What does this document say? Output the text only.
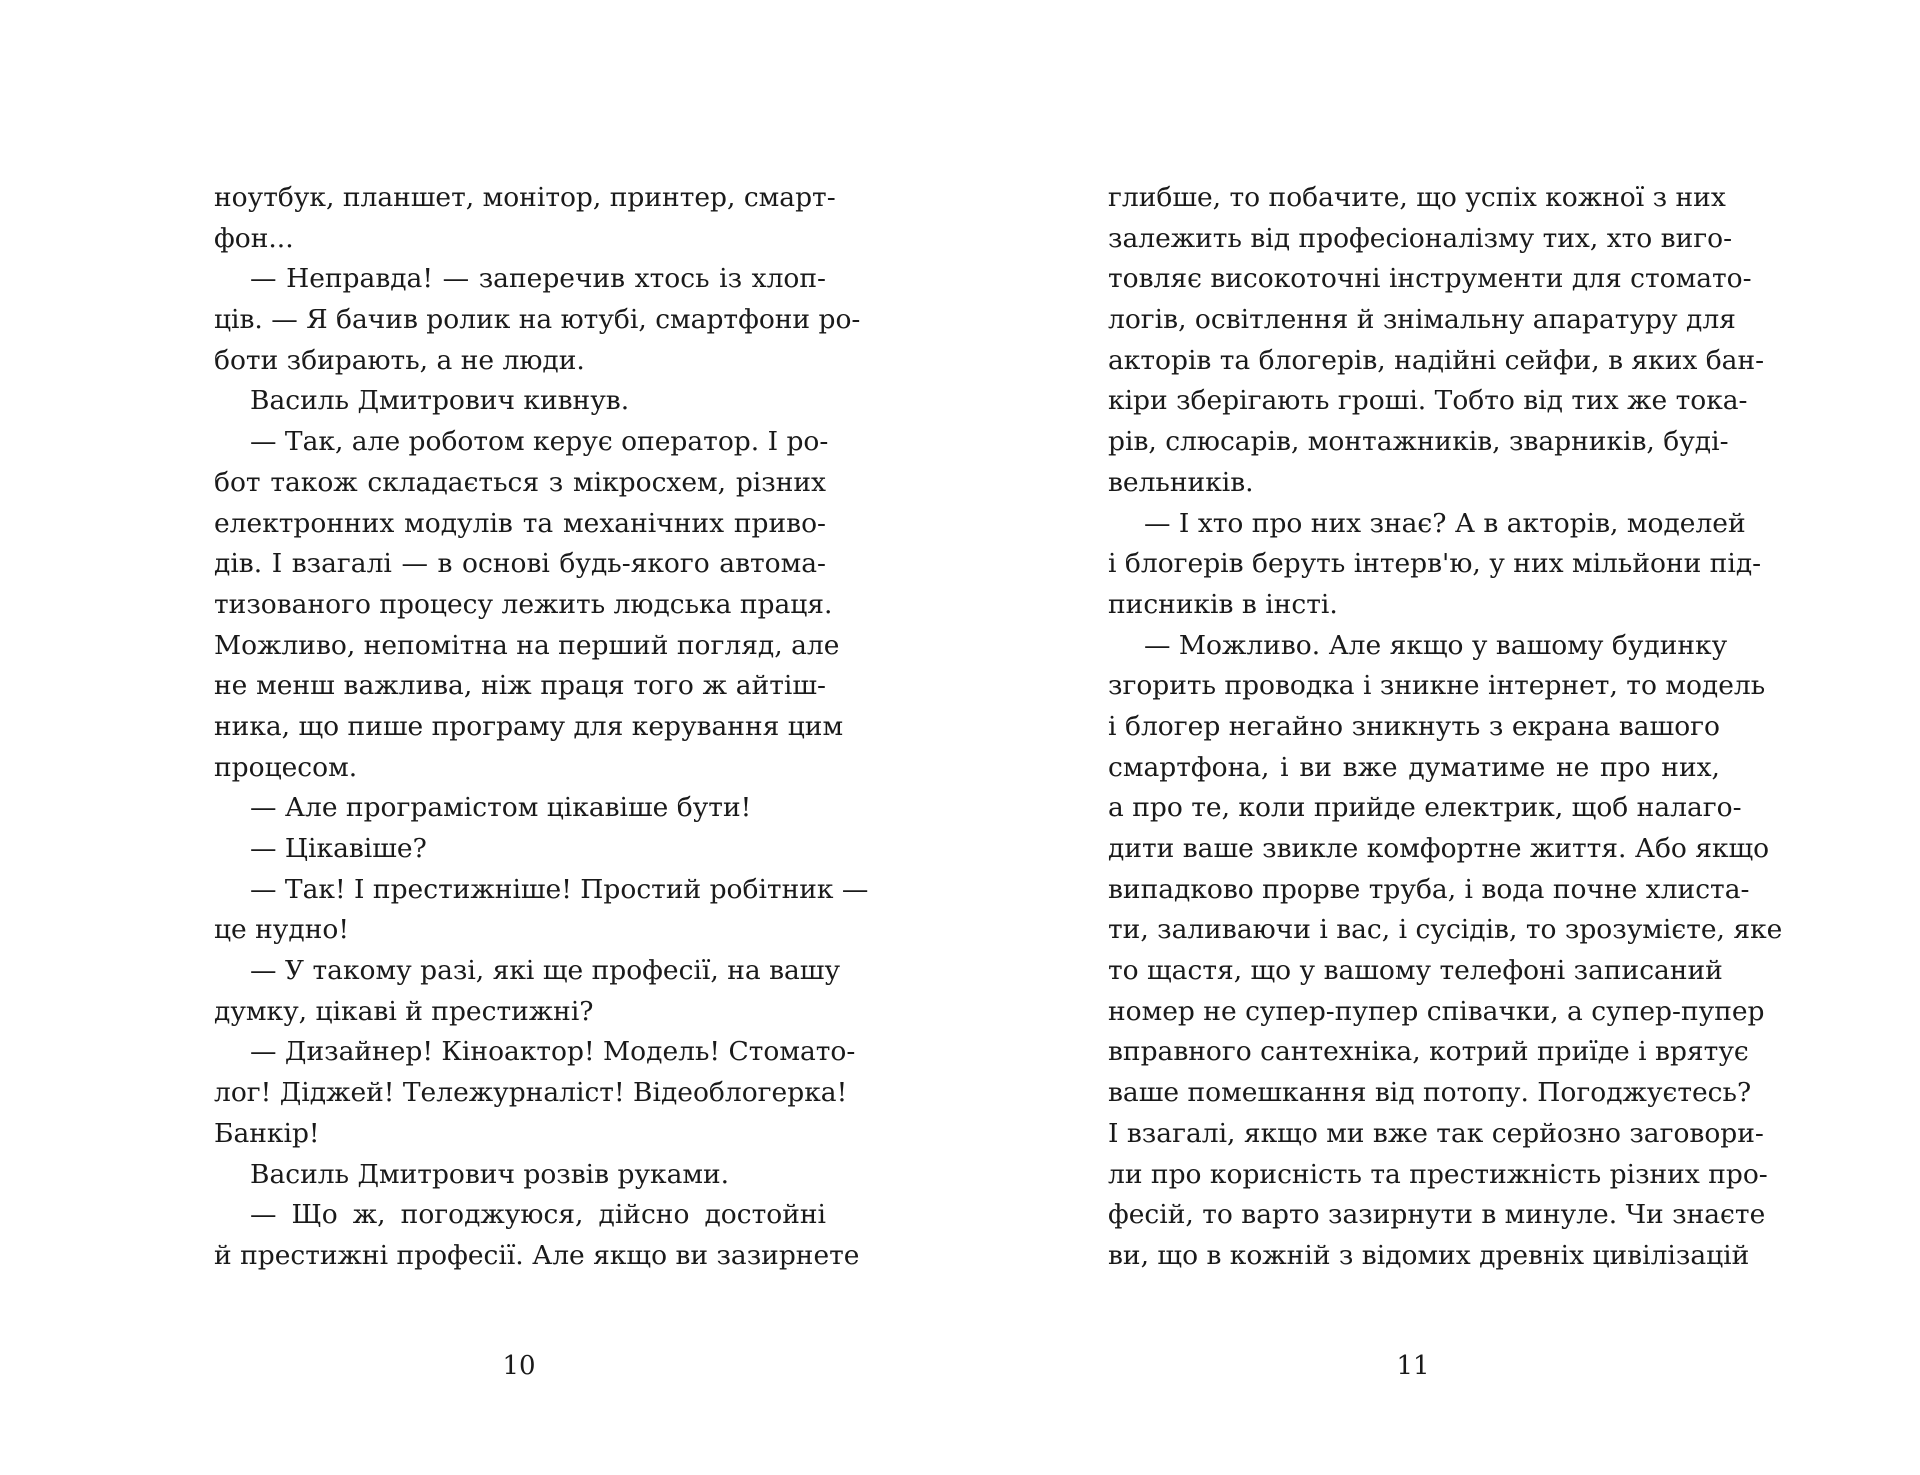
ноутбук, планшет, монітор, принтер, смарт-
фон...
— Неправда! — заперечив хтось із хлоп-
ців. — Я бачив ролик на ютубі, смартфони ро-
боти збирають, а не люди.
Василь Дмитрович кивнув.
— Так, але роботом керує оператор. І ро-
бот також складається з мікросхем, різних
електронних модулів та механічних приво-
дів. І взагалі — в основі будь-якого автома-
тизованого процесу лежить людська праця.
Можливо, непомітна на перший погляд, але
не менш важлива, ніж праця того ж айтіш-
ника, що пише програму для керування цим
процесом.
— Але програмістом цікавіше бути!
— Цікавіше?
— Так! І престижніше! Простий робітник —
це нудно!
— У такому разі, які ще професії, на вашу
думку, цікаві й престижні?
— Дизайнер! Кіноактор! Модель! Стомато-
лог! Діджей! Тележурналіст! Відеоблогерка!
Банкір!
Василь Дмитрович розвів руками.
— Що ж, погоджуюся, дійсно достойні
й престижні професії. Але якщо ви зазирнете
10
глибше, то побачите, що успіх кожної з них
залежить від професіоналізму тих, хто виго-
товляє високоточні інструменти для стомато-
логів, освітлення й знімальну апаратуру для
акторів та блогерів, надійні сейфи, в яких бан-
кіри зберігають гроші. Тобто від тих же тока-
рів, слюсарів, монтажників, зварників, буді-
вельників.
— І хто про них знає? А в акторів, моделей
і блогерів беруть інтерв'ю, у них мільйони під-
писників в інсті.
— Можливо. Але якщо у вашому будинку
згорить проводка і зникне інтернет, то модель
і блогер негайно зникнуть з екрана вашого
смартфона, і ви вже думатиме не про них,
а про те, коли прийде електрик, щоб налаго-
дити ваше звикле комфортне життя. Або якщо
випадково прорве труба, і вода почне хлиста-
ти, заливаючи і вас, і сусідів, то зрозумієте, яке
то щастя, що у вашому телефоні записаний
номер не супер-пупер співачки, а супер-пупер
вправного сантехніка, котрий приїде і врятує
ваше помешкання від потопу. Погоджуєтесь?
І взагалі, якщо ми вже так серйозно заговори-
ли про корисність та престижність різних про-
фесій, то варто зазирнути в минуле. Чи знаєте
ви, що в кожній з відомих древніх цивілізацій
11
